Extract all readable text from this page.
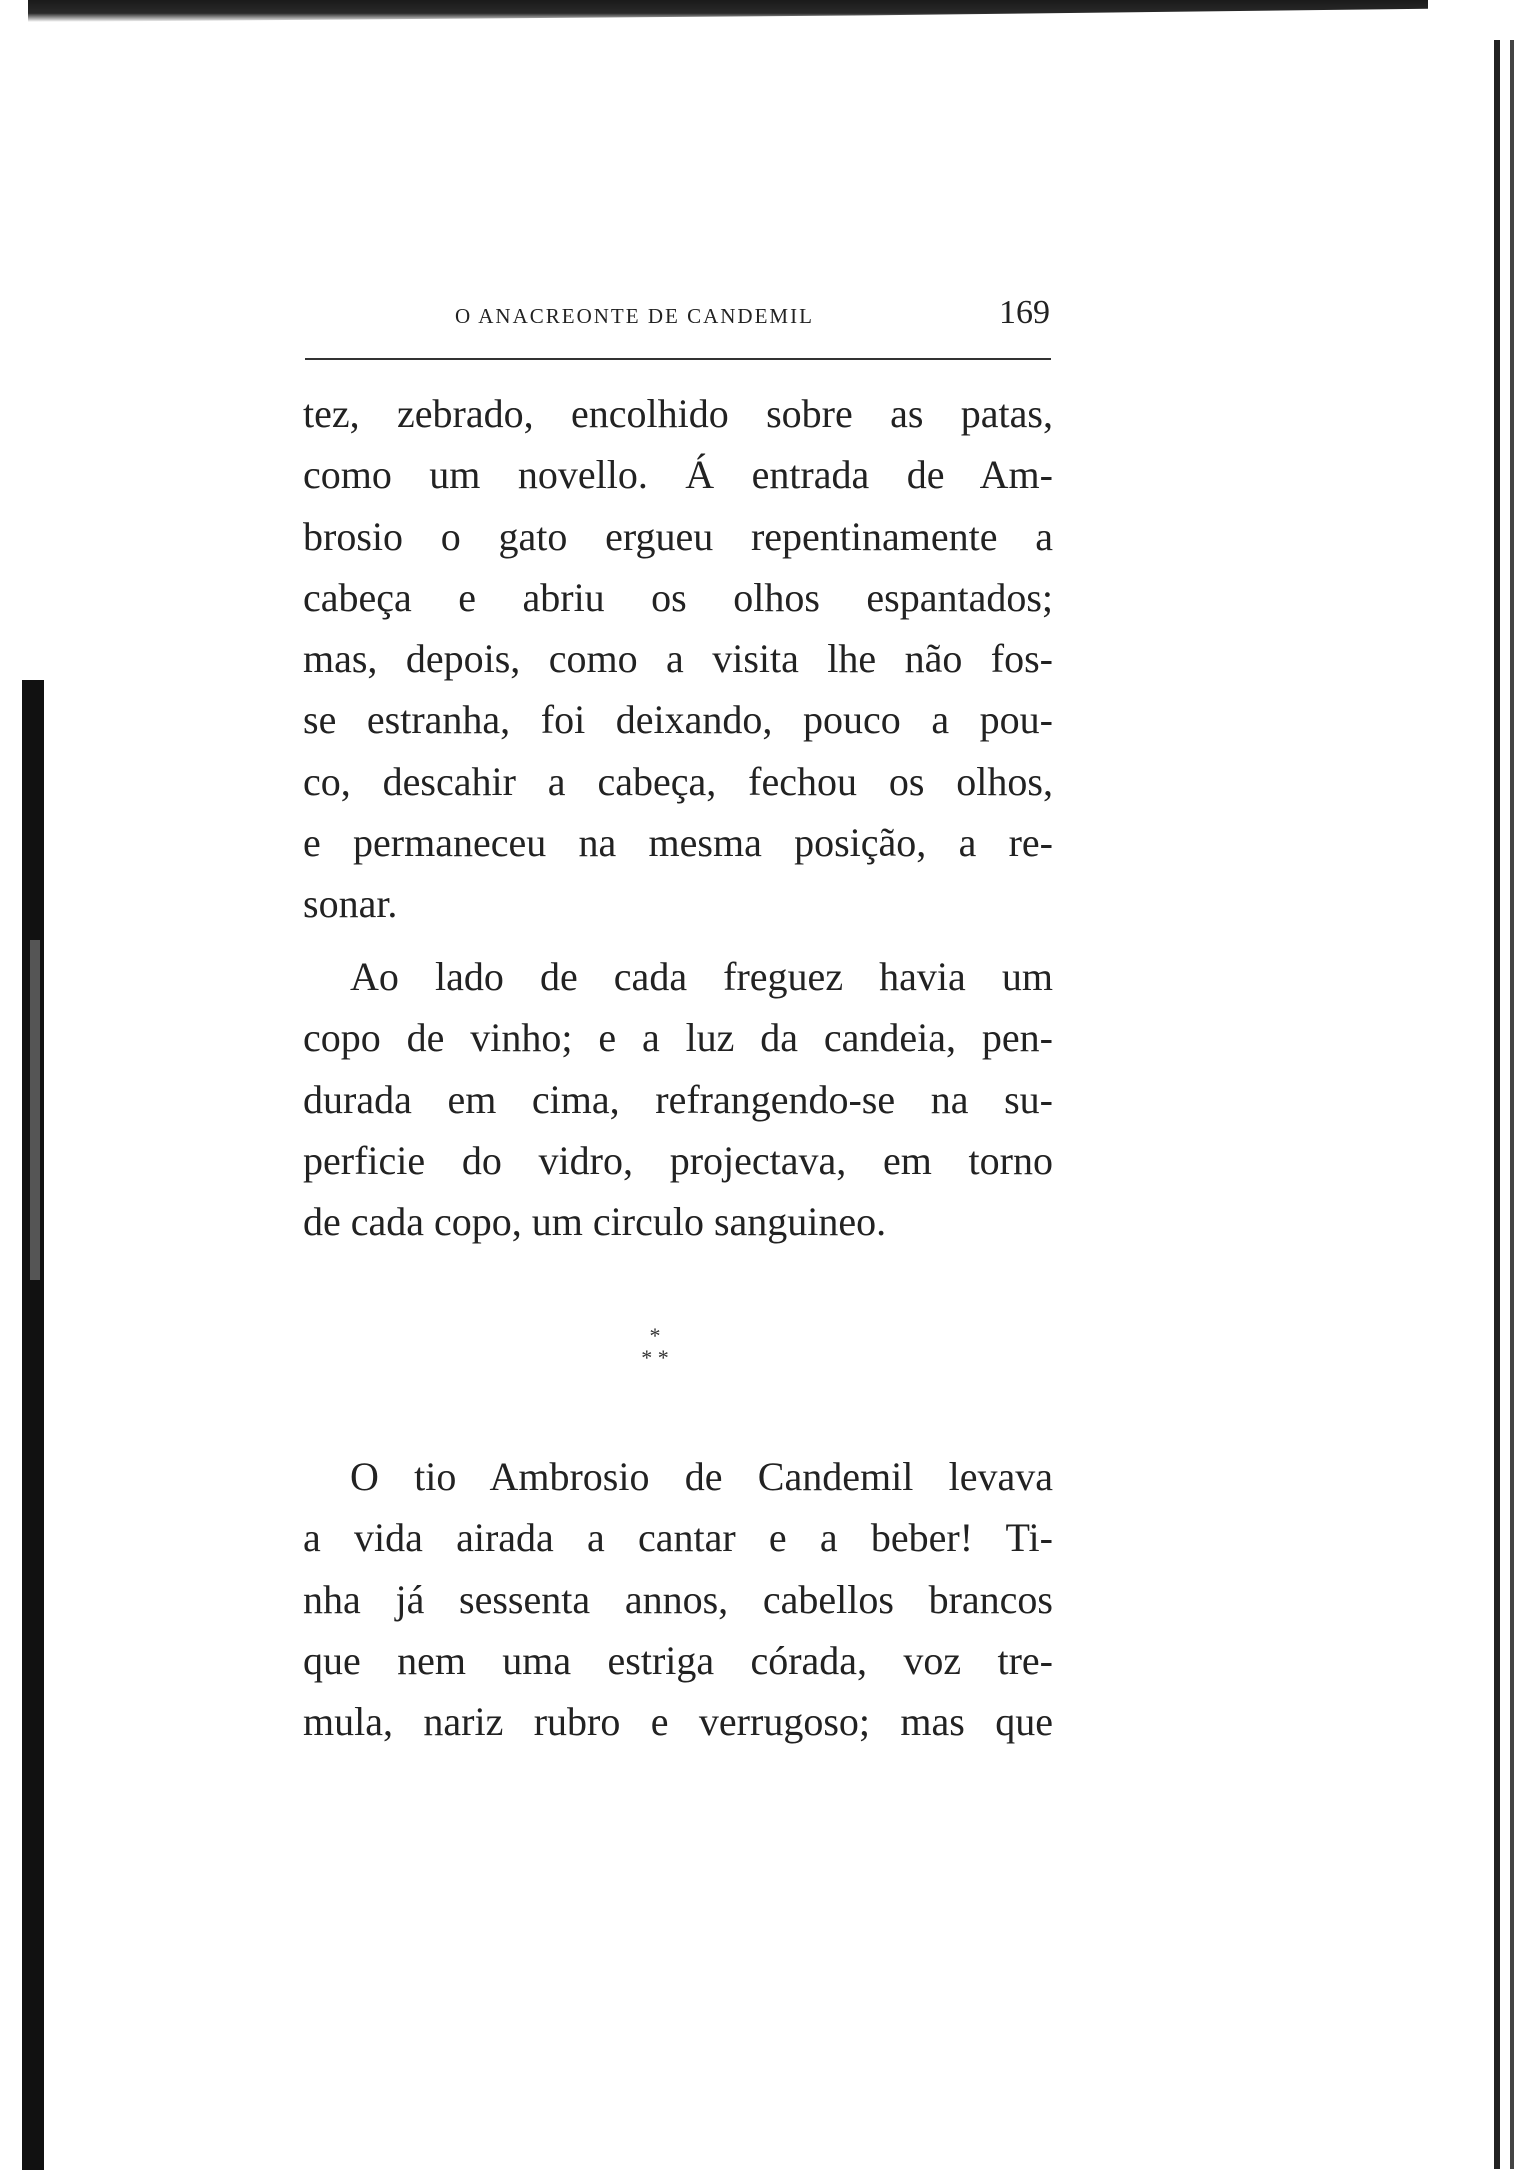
O ANACREONTE DE CANDEMIL	169
tez, zebrado, encolhido sobre as patas,
como um novello. Á entrada de Am-
brosio o gato ergueu repentinamente a
cabeça e abriu os olhos espantados;
mas, depois, como a visita lhe não fos-
se estranha, foi deixando, pouco a pou-
co, descahir a cabeça, fechou os olhos,
e permaneceu na mesma posição, a re-
sonar.
Ao lado de cada freguez havia um
copo de vinho; e a luz da candeia, pen-
durada em cima, refrangendo-se na su-
perficie do vidro, projectava, em torno
de cada copo, um circulo sanguineo.
*
* *
O tio Ambrosio de Candemil levava
a vida airada a cantar e a beber! Ti-
nha já sessenta annos, cabellos brancos
que nem uma estriga córada, voz tre-
mula, nariz rubro e verrugoso; mas que
